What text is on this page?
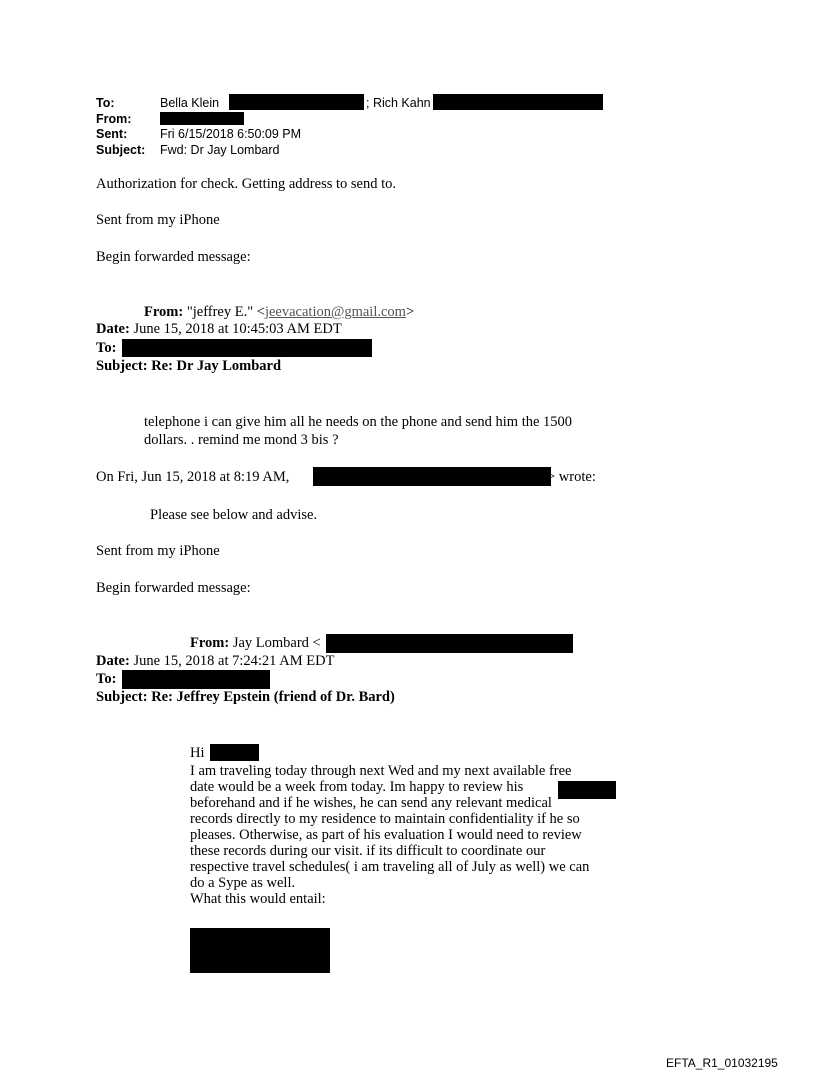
To:	Bella Klein	; Rich Kahn
From:
Sent:	Fri 6/15/2018 6:50:09 PM
Subject: Fwd: Dr Jay Lombard
Authorization for check. Getting address to send to.
Sent from my iPhone
Begin forwarded message:
From: "jeffrey E." <jeevacation@gmail.com>
Date: June 15, 2018 at 10:45:03 AM EDT
To:
Subject: Re: Dr Jay Lombard
telephone i can give him all he needs on the phone and send him the 1500
dollars. . remind me mond 3 bis ?
On Fri, Jun 15, 2018 at 8:19 AM,	> wrote:
Please see below and advise.
Sent from my iPhone
Begin forwarded message:
From: Jay Lombard <
Date: June 15, 2018 at 7:24:21 AM EDT
To:
Subject: Re: Jeffrey Epstein (friend of Dr. Bard)
Hi
I am traveling today through next Wed and my next available free
date would be a week from today. Im happy to review his
beforehand and if he wishes, he can send any relevant medical
records directly to my residence to maintain confidentiality if he so
pleases. Otherwise, as part of his evaluation I would need to review
these records during our visit. if its difficult to coordinate our
respective travel schedules( i am traveling all of July as well) we can
do a Sype as well.
What this would entail:
EFTA_R1_01032195
